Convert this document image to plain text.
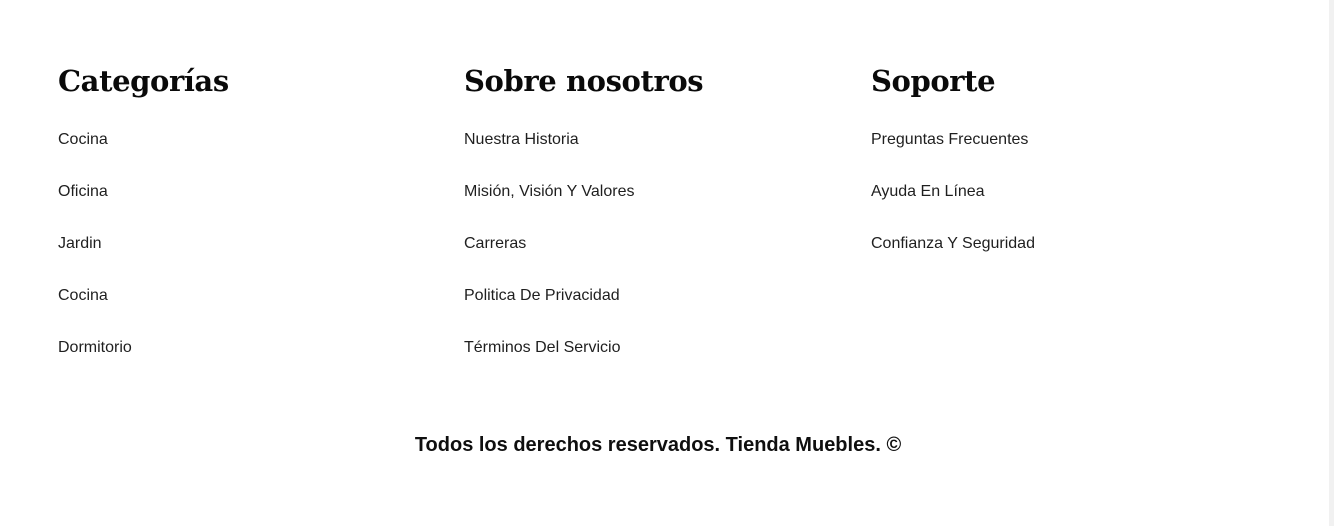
Categorías
Cocina
Oficina
Jardin
Cocina
Dormitorio
Sobre nosotros
Nuestra Historia
Misión, Visión Y Valores
Carreras
Politica De Privacidad
Términos Del Servicio
Soporte
Preguntas Frecuentes
Ayuda En Línea
Confianza Y Seguridad

Todos los derechos reservados. Tienda Muebles. ©
